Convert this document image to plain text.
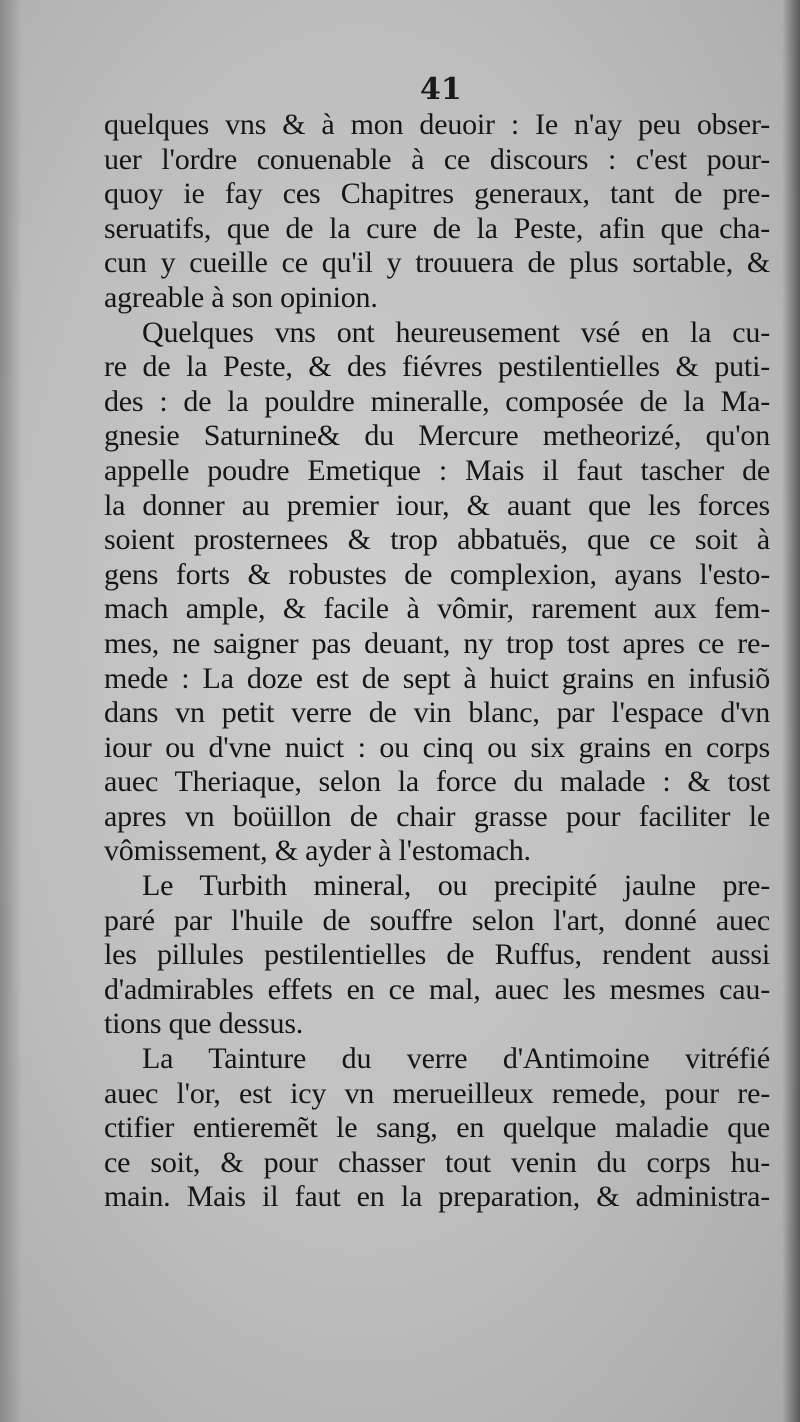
41
quelques vns & à mon deuoir : Ie n'ay peu obser-
uer l'ordre conuenable à ce discours : c'est pour-
quoy ie fay ces Chapitres generaux, tant de pre-
seruatifs, que de la cure de la Peste, afin que cha-
cun y cueille ce qu'il y trouuera de plus sortable, &
agreable à son opinion.
Quelques vns ont heureusement vsé en la cu-
re de la Peste, & des fiévres pestilentielles & puti-
des : de la pouldre mineralle, composée de la Ma-
gnesie Saturnine& du Mercure metheorizé, qu'on
appelle poudre Emetique : Mais il faut tascher de
la donner au premier iour, & auant que les forces
soient prosternees & trop abbatuës, que ce soit à
gens forts & robustes de complexion, ayans l'esto-
mach ample, & facile à vômir, rarement aux fem-
mes, ne saigner pas deuant, ny trop tost apres ce re-
mede : La doze est de sept à huict grains en infusiõ
dans vn petit verre de vin blanc, par l'espace d'vn
iour ou d'vne nuict : ou cinq ou six grains en corps
auec Theriaque, selon la force du malade : & tost
apres vn boüillon de chair grasse pour faciliter le
vômissement, & ayder à l'estomach.
Le Turbith mineral, ou precipité jaulne pre-
paré par l'huile de souffre selon l'art, donné auec
les pillules pestilentielles de Ruffus, rendent aussi
d'admirables effets en ce mal, auec les mesmes cau-
tions que dessus.
La Tainture du verre d'Antimoine vitréfié
auec l'or, est icy vn merueilleux remede, pour re-
ctifier entieremẽt le sang, en quelque maladie que
ce soit, & pour chasser tout venin du corps hu-
main. Mais il faut en la preparation, & administra-
